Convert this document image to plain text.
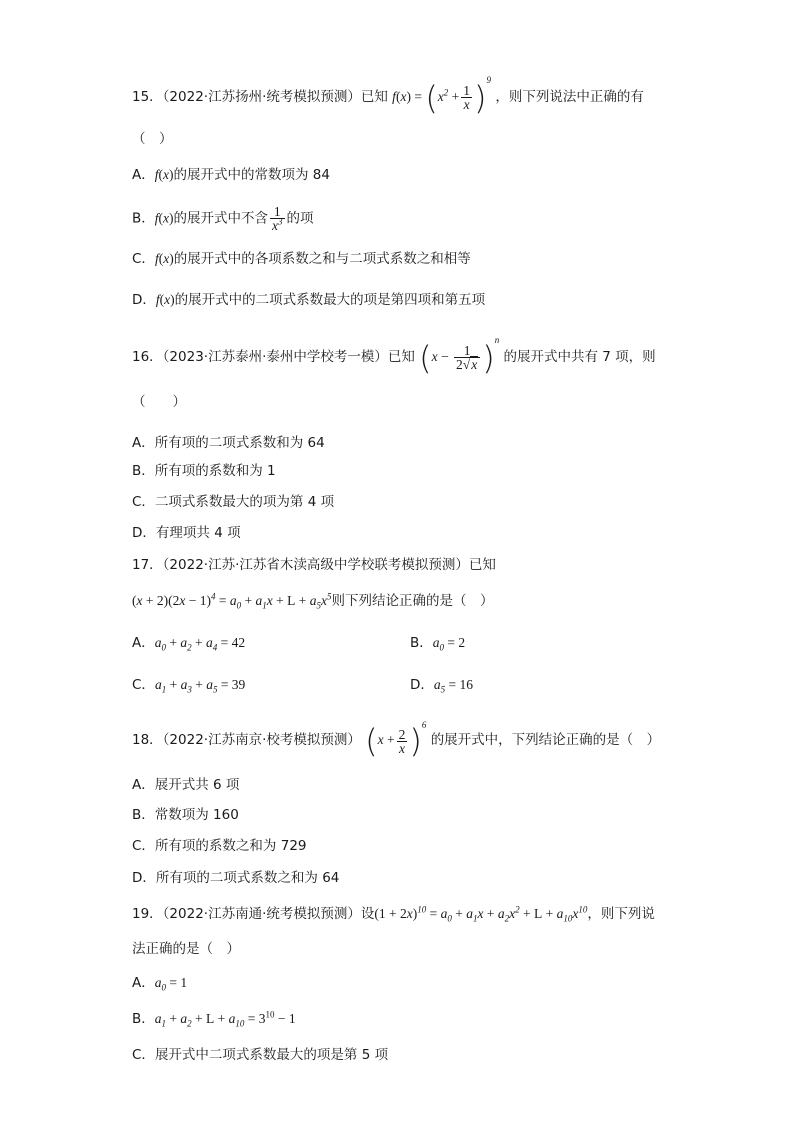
15．（2022·江苏扬州·统考模拟预测）已知 $f(x) = (x^2 + \frac{1}{x} )^9$ ，则下列说法中正确的有
（　）
A．f(x)的展开式中的常数项为 84
B．f(x)的展开式中不含 $\frac{1}{x^3}$ 的项
C．f(x)的展开式中的各项系数之和与二项式系数之和相等
D．f(x)的展开式中的二项式系数最大的项是第四项和第五项
16．（2023·江苏泰州·泰州中学校考一模）已知 $(x - \frac{1}{2√x} )^n$ 的展开式中共有 7 项，则
（　　）
A．所有项的二项式系数和为 64
B．所有项的系数和为 1
C．二项式系数最大的项为第 4 项
D．有理项共 4 项
17．（2022·江苏·江苏省木渎高级中学校联考模拟预测）已知
$(x + 2)(2x - 1)^4 = a_0 + a_1x + L + a_5x^5$则下列结论正确的是（　）
A．$a_0 + a_2 + a_4 = 42$	B．$a_0 = 2$
C．$a_1 + a_3 + a_5 = 39$	D．$a_5 = 16$
18．（2022·江苏南京·校考模拟预测） $(x + \frac{2}{x} )^6$ 的展开式中，下列结论正确的是（　）
A．展开式共 6 项
B．常数项为 160
C．所有项的系数之和为 729
D．所有项的二项式系数之和为 64
19．（2022·江苏南通·统考模拟预测）设$(1 + 2x)^{10} = a_0 + a_1x + a_2x^2 + L + a_{10}x^{10}$，则下列说
法正确的是（　）
A．$a_0 = 1$
B．$a_1 + a_2 + L + a_{10} = 3^{10} - 1$
C．展开式中二项式系数最大的项是第 5 项
